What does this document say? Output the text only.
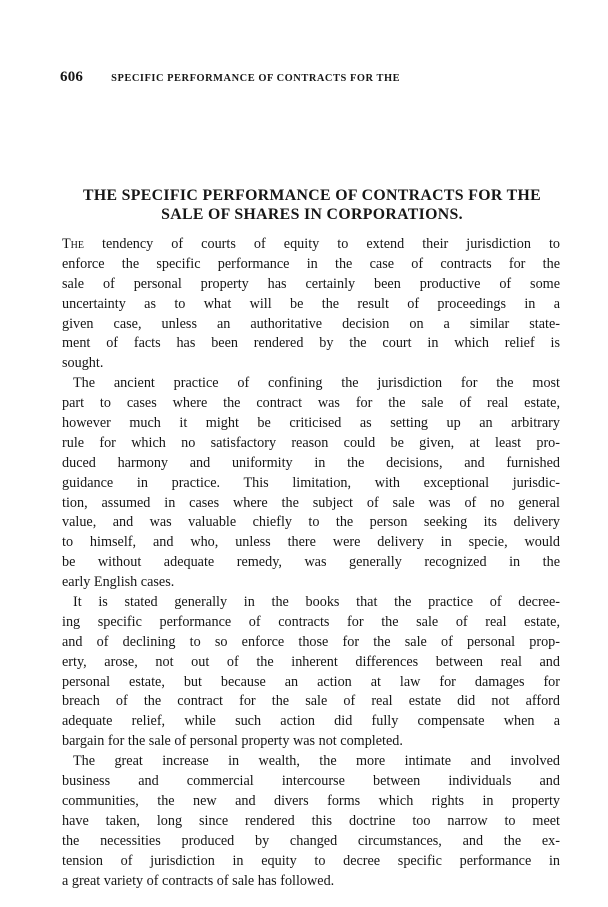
606	SPECIFIC PERFORMANCE OF CONTRACTS FOR THE
THE SPECIFIC PERFORMANCE OF CONTRACTS FOR THE
SALE OF SHARES IN CORPORATIONS.
The tendency of courts of equity to extend their jurisdiction to
enforce the specific performance in the case of contracts for the
sale of personal property has certainly been productive of some
uncertainty as to what will be the result of proceedings in a
given case, unless an authoritative decision on a similar state-
ment of facts has been rendered by the court in which relief is
sought.
The ancient practice of confining the jurisdiction for the most
part to cases where the contract was for the sale of real estate,
however much it might be criticised as setting up an arbitrary
rule for which no satisfactory reason could be given, at least pro-
duced harmony and uniformity in the decisions, and furnished
guidance in practice. This limitation, with exceptional jurisdic-
tion, assumed in cases where the subject of sale was of no general
value, and was valuable chiefly to the person seeking its delivery
to himself, and who, unless there were delivery in specie, would
be without adequate remedy, was generally recognized in the
early English cases.
It is stated generally in the books that the practice of decree-
ing specific performance of contracts for the sale of real estate,
and of declining to so enforce those for the sale of personal prop-
erty, arose, not out of the inherent differences between real and
personal estate, but because an action at law for damages for
breach of the contract for the sale of real estate did not afford
adequate relief, while such action did fully compensate when a
bargain for the sale of personal property was not completed.
The great increase in wealth, the more intimate and involved
business and commercial intercourse between individuals and
communities, the new and divers forms which rights in property
have taken, long since rendered this doctrine too narrow to meet
the necessities produced by changed circumstances, and the ex-
tension of jurisdiction in equity to decree specific performance in
a great variety of contracts of sale has followed.
